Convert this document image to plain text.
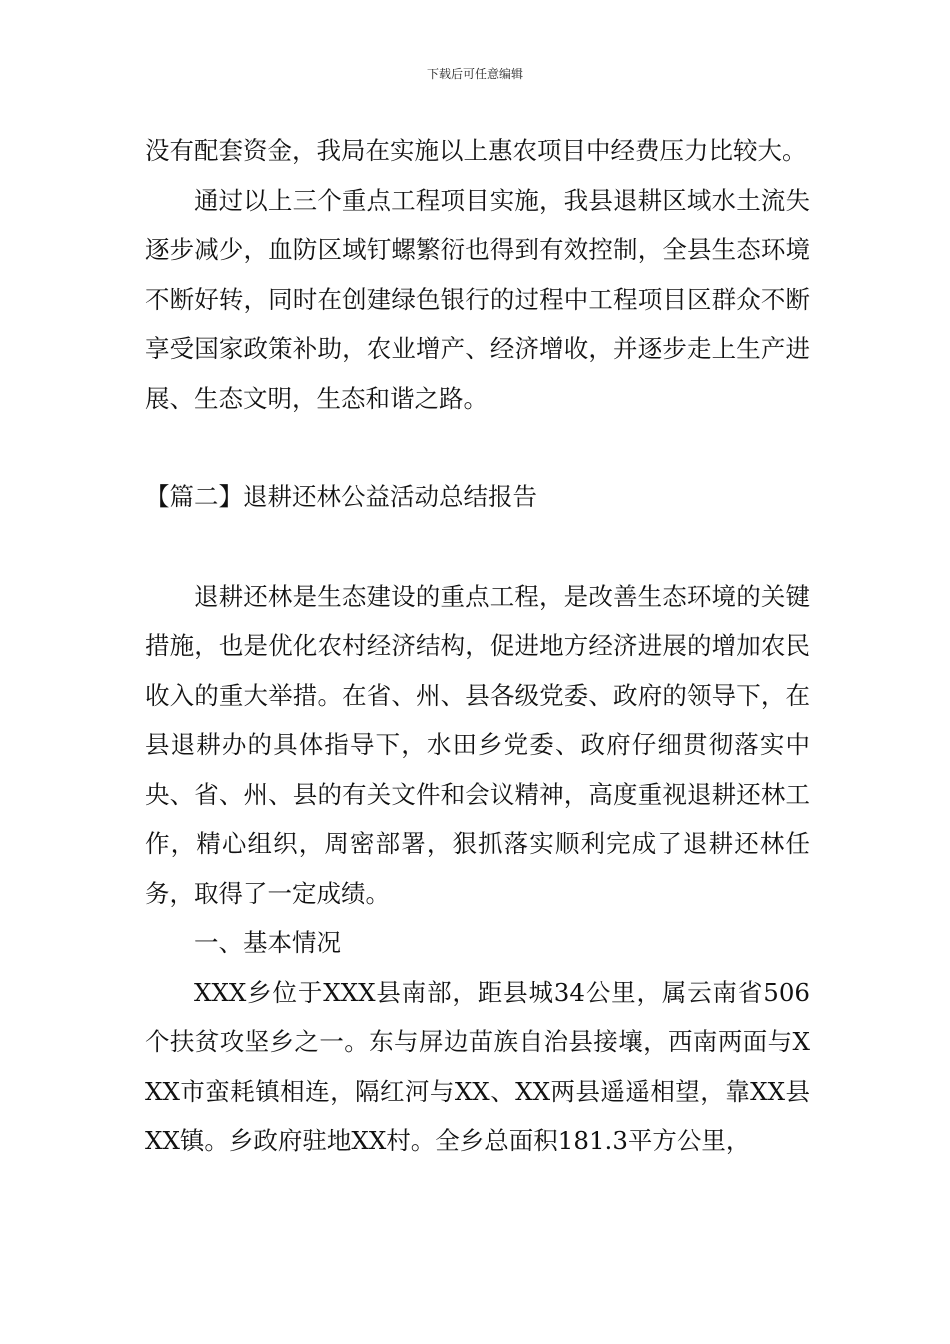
下载后可任意编辑

没有配套资金，我局在实施以上惠农项目中经费压力比较大。

通过以上三个重点工程项目实施，我县退耕区域水土流失逐步减少，血防区域钉螺繁衍也得到有效控制，全县生态环境不断好转，同时在创建绿色银行的过程中工程项目区群众不断享受国家政策补助，农业增产、经济增收，并逐步走上生产进展、生态文明，生态和谐之路。

【篇二】退耕还林公益活动总结报告

退耕还林是生态建设的重点工程，是改善生态环境的关键措施，也是优化农村经济结构，促进地方经济进展的增加农民收入的重大举措。在省、州、县各级党委、政府的领导下，在县退耕办的具体指导下，水田乡党委、政府仔细贯彻落实中央、省、州、县的有关文件和会议精神，高度重视退耕还林工作，精心组织，周密部署，狠抓落实顺利完成了退耕还林任务，取得了一定成绩。

一、基本情况

XXX乡位于XXX县南部，距县城34公里，属云南省506个扶贫攻坚乡之一。东与屏边苗族自治县接壤，西南两面与XXX市蛮耗镇相连，隔红河与XX、XX两县遥遥相望，靠XX县XX镇。乡政府驻地XX村。全乡总面积181.3平方公里，
